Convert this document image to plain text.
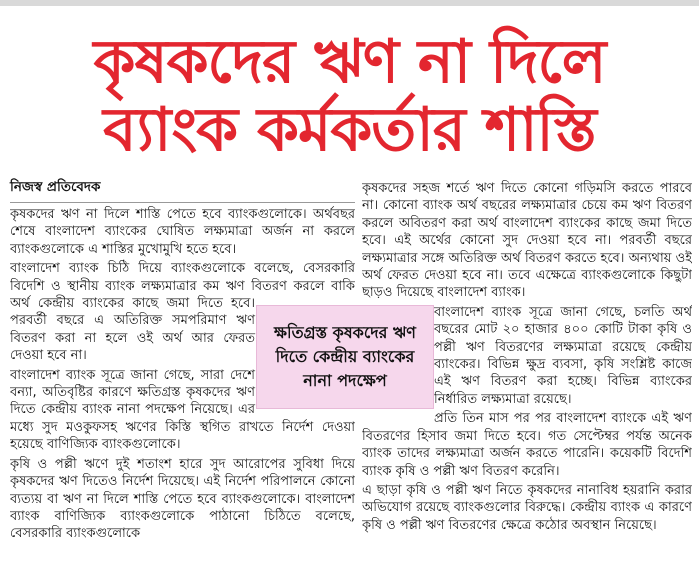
কৃষকদের ঋণ না দিলে
ব্যাংক কর্মকর্তার শাস্তি
নিজস্ব প্রতিবেদক

কৃষকদের ঋণ না দিলে শাস্তি পেতে হবে ব্যাংকগুলোকে। অর্থবছর শেষে বাংলাদেশ ব্যাংকের ঘোষিত লক্ষ্যমাত্রা অর্জন না করলে ব্যাংকগুলোকে এ শাস্তির মুখোমুখি হতে হবে।

বাংলাদেশ ব্যাংক চিঠি দিয়ে ব্যাংকগুলোকে বলেছে, বেসরকারি বিদেশি ও স্থানীয় ব্যাংক লক্ষ্যমাত্রার কম ঋণ বিতরণ করলে বাকি অর্থ কেন্দ্রীয় ব্যাংকের কাছে জমা দিতে হবে। পরবর্তী বছরে এ অতিরিক্ত সমপরিমাণ ঋণ বিতরণ করা না হলে ওই অর্থ আর ফেরত দেওয়া হবে না।

বাংলাদেশ ব্যাংক সূত্রে জানা গেছে, সারা দেশে বন্যা, অতিবৃষ্টির কারণে ক্ষতিগ্রস্ত কৃষকদের ঋণ দিতে কেন্দ্রীয় ব্যাংক নানা পদক্ষেপ নিয়েছে। এর মধ্যে সুদ মওকুফসহ ঋণের কিস্তি স্থগিত রাখতে নির্দেশ দেওয়া হয়েছে বাণিজ্যিক ব্যাংকগুলোকে।

কৃষি ও পল্লী ঋণে দুই শতাংশ হারে সুদ আরোপের সুবিধা দিয়ে কৃষকদের ঋণ দিতেও নির্দেশ দিয়েছে। এই নির্দেশ পরিপালনে কোনো ব্যত্যয় বা ঋণ না দিলে শাস্তি পেতে হবে ব্যাংকগুলোকে। বাংলাদেশ ব্যাংক বাণিজ্যিক ব্যাংকগুলোকে পাঠানো চিঠিতে বলেছে, বেসরকারি ব্যাংকগুলোকে

কৃষকদের সহজ শর্তে ঋণ দিতে কোনো গড়িমসি করতে পারবে না। কোনো ব্যাংক অর্থ বছরের লক্ষ্যমাত্রার চেয়ে কম ঋণ বিতরণ করলে অবিতরণ করা অর্থ বাংলাদেশ ব্যাংকের কাছে জমা দিতে হবে। এই অর্থের কোনো সুদ দেওয়া হবে না। পরবর্তী বছরে লক্ষ্যমাত্রার সঙ্গে অতিরিক্ত অর্থ বিতরণ করতে হবে। অন্যথায় ওই অর্থ ফেরত দেওয়া হবে না। তবে এক্ষেত্রে ব্যাংকগুলোকে কিছুটা ছাড়ও দিয়েছে বাংলাদেশ ব্যাংক।

বাংলাদেশ ব্যাংক সূত্রে জানা গেছে, চলতি অর্থ বছরের মোট ২০ হাজার ৪০০ কোটি টাকা কৃষি ও পল্লী ঋণ বিতরণের লক্ষ্যমাত্রা রয়েছে কেন্দ্রীয় ব্যাংকের। বিভিন্ন ক্ষুদ্র ব্যবসা, কৃষি সংশ্লিষ্ট কাজে এই ঋণ বিতরণ করা হচ্ছে। বিভিন্ন ব্যাংকের নির্ধারিত লক্ষ্যমাত্রা রয়েছে।

প্রতি তিন মাস পর পর বাংলাদেশ ব্যাংকে এই ঋণ বিতরণের হিসাব জমা দিতে হবে। গত সেপ্টেম্বর পর্যন্ত অনেক ব্যাংক তাদের লক্ষ্যমাত্রা অর্জন করতে পারেনি। কয়েকটি বিদেশি ব্যাংক কৃষি ও পল্লী ঋণ বিতরণ করেনি।

এ ছাড়া কৃষি ও পল্লী ঋণ নিতে কৃষকদের নানাবিধ হয়রানি করার অভিযোগ রয়েছে ব্যাংকগুলোর বিরুদ্ধে। কেন্দ্রীয় ব্যাংক এ কারণে কৃষি ও পল্লী ঋণ বিতরণের ক্ষেত্রে কঠোর অবস্থান নিয়েছে।

ক্ষতিগ্রস্ত কৃষকদের ঋণ দিতে কেন্দ্রীয় ব্যাংকের নানা পদক্ষেপ
